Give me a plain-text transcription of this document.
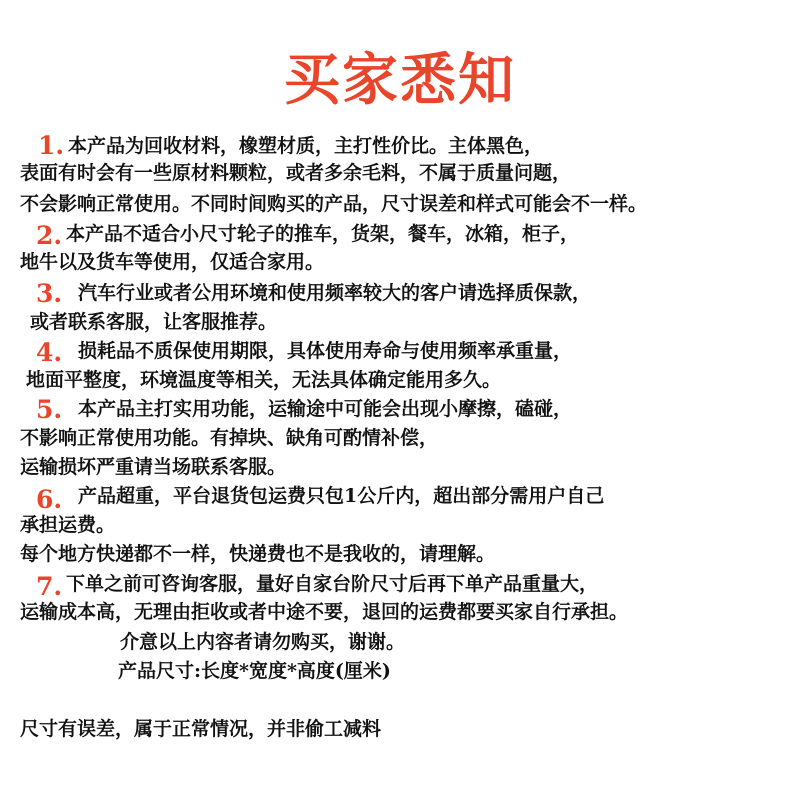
买家悉知
1. 本产品为回收材料，橡塑材质，主打性价比。主体黑色，
表面有时会有一些原材料颗粒，或者多余毛料，不属于质量问题，
不会影响正常使用。不同时间购买的产品，尺寸误差和样式可能会不一样。
2. 本产品不适合小尺寸轮子的推车，货架，餐车，冰箱，柜子，
地牛以及货车等使用，仅适合家用。
3. 汽车行业或者公用环境和使用频率较大的客户请选择质保款，
或者联系客服，让客服推荐。
4. 损耗品不质保使用期限，具体使用寿命与使用频率承重量，
地面平整度，环境温度等相关，无法具体确定能用多久。
5. 本产品主打实用功能，运输途中可能会出现小摩擦，磕碰，
不影响正常使用功能。有掉块、缺角可酌情补偿，
运输损坏严重请当场联系客服。
6. 产品超重，平台退货包运费只包1公斤内，超出部分需用户自己
承担运费。
每个地方快递都不一样，快递费也不是我收的，请理解。
7. 下单之前可咨询客服，量好自家台阶尺寸后再下单产品重量大，
运输成本高，无理由拒收或者中途不要，退回的运费都要买家自行承担。
介意以上内容者请勿购买，谢谢。
产品尺寸:长度*宽度*高度(厘米)
尺寸有误差，属于正常情况，并非偷工减料
